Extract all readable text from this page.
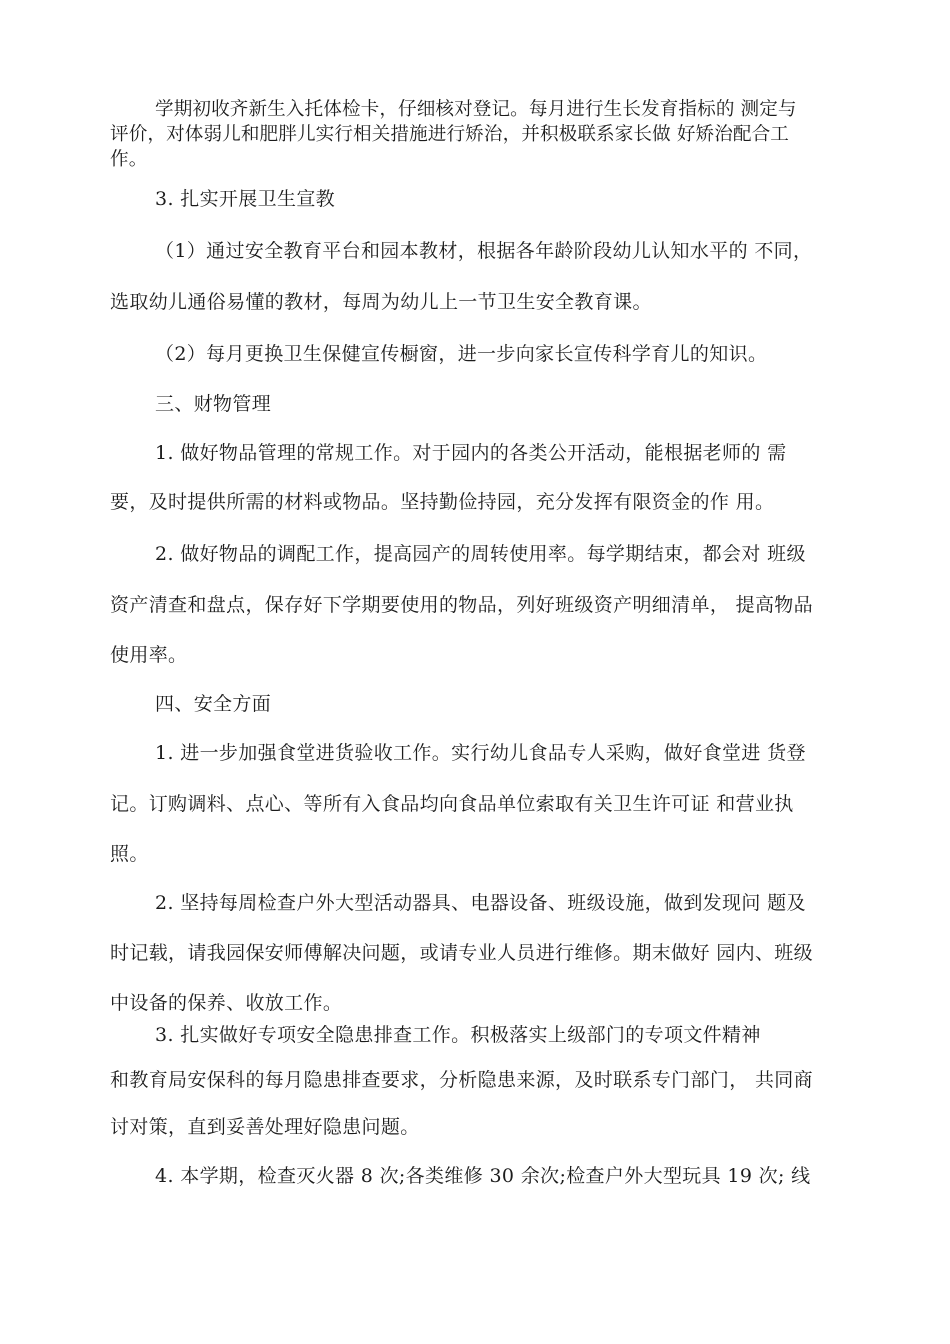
学期初收齐新生入托体检卡，仔细核对登记。每月进行生长发育指标的 测定与

评价，对体弱儿和肥胖儿实行相关措施进行矫治，并积极联系家长做 好矫治配合工

作。

3. 扎实开展卫生宣教

（1）通过安全教育平台和园本教材，根据各年龄阶段幼儿认知水平的 不同，

选取幼儿通俗易懂的教材，每周为幼儿上一节卫生安全教育课。

（2）每月更换卫生保健宣传橱窗，进一步向家长宣传科学育儿的知识。

三、财物管理

1. 做好物品管理的常规工作。对于园内的各类公开活动，能根据老师的 需

要，及时提供所需的材料或物品。坚持勤俭持园，充分发挥有限资金的作 用。

2. 做好物品的调配工作，提高园产的周转使用率。每学期结束，都会对 班级

资产清查和盘点，保存好下学期要使用的物品，列好班级资产明细清单， 提高物品

使用率。

四、安全方面

1. 进一步加强食堂进货验收工作。实行幼儿食品专人采购，做好食堂进 货登

记。订购调料、点心、等所有入食品均向食品单位索取有关卫生许可证 和营业执

照。

2. 坚持每周检查户外大型活动器具、电器设备、班级设施，做到发现问 题及

时记载，请我园保安师傅解决问题，或请专业人员进行维修。期末做好 园内、班级

中设备的保养、收放工作。

3. 扎实做好专项安全隐患排查工作。积极落实上级部门的专项文件精神

和教育局安保科的每月隐患排查要求，分析隐患来源，及时联系专门部门， 共同商

讨对策，直到妥善处理好隐患问题。

4. 本学期，检查灭火器 8 次;各类维修 30 余次;检查户外大型玩具 19 次; 线
